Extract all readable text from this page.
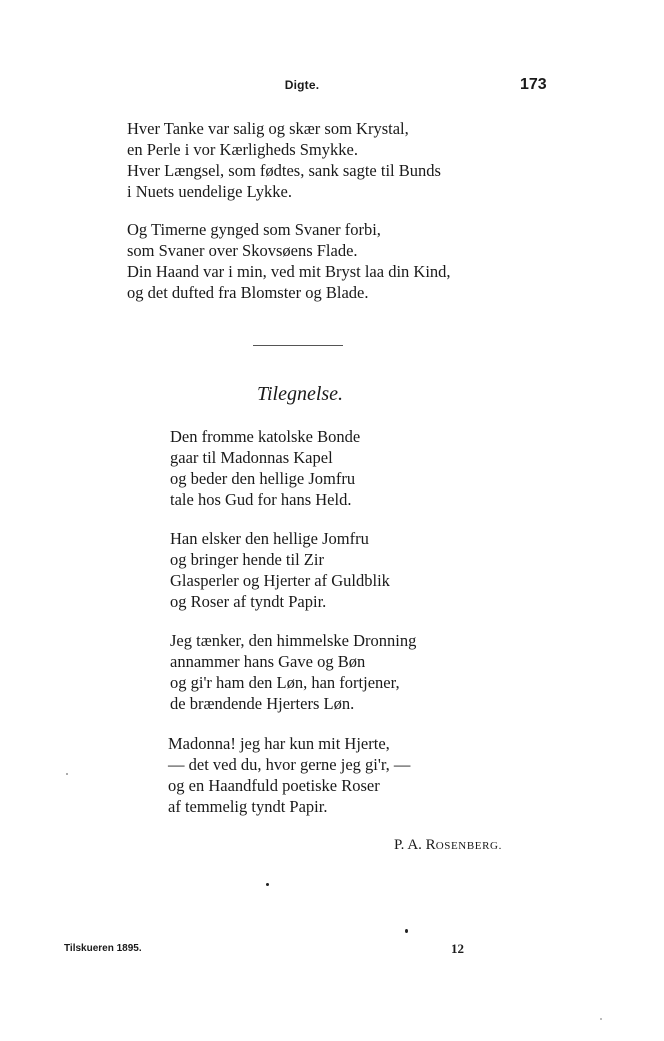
Digte.	173
Hver Tanke var salig og skær som Krystal,
en Perle i vor Kærligheds Smykke.
Hver Længsel, som fødtes, sank sagte til Bunds
i Nuets uendelige Lykke.
Og Timerne gynged som Svaner forbi,
som Svaner over Skovsøens Flade.
Din Haand var i min, ved mit Bryst laa din Kind,
og det dufted fra Blomster og Blade.
Tilegnelse.
Den fromme katolske Bonde
gaar til Madonnas Kapel
og beder den hellige Jomfru
tale hos Gud for hans Held.
Han elsker den hellige Jomfru
og bringer hende til Zir
Glasperler og Hjerter af Guldblik
og Roser af tyndt Papir.
Jeg tænker, den himmelske Dronning
annammer hans Gave og Bøn
og gi'r ham den Løn, han fortjener,
de brændende Hjerters Løn.
Madonna! jeg har kun mit Hjerte,
— det ved du, hvor gerne jeg gi'r, —
og en Haandfuld poetiske Roser
af temmelig tyndt Papir.
P. A. ROSENBERG.
Tilskueren 1895.	12
